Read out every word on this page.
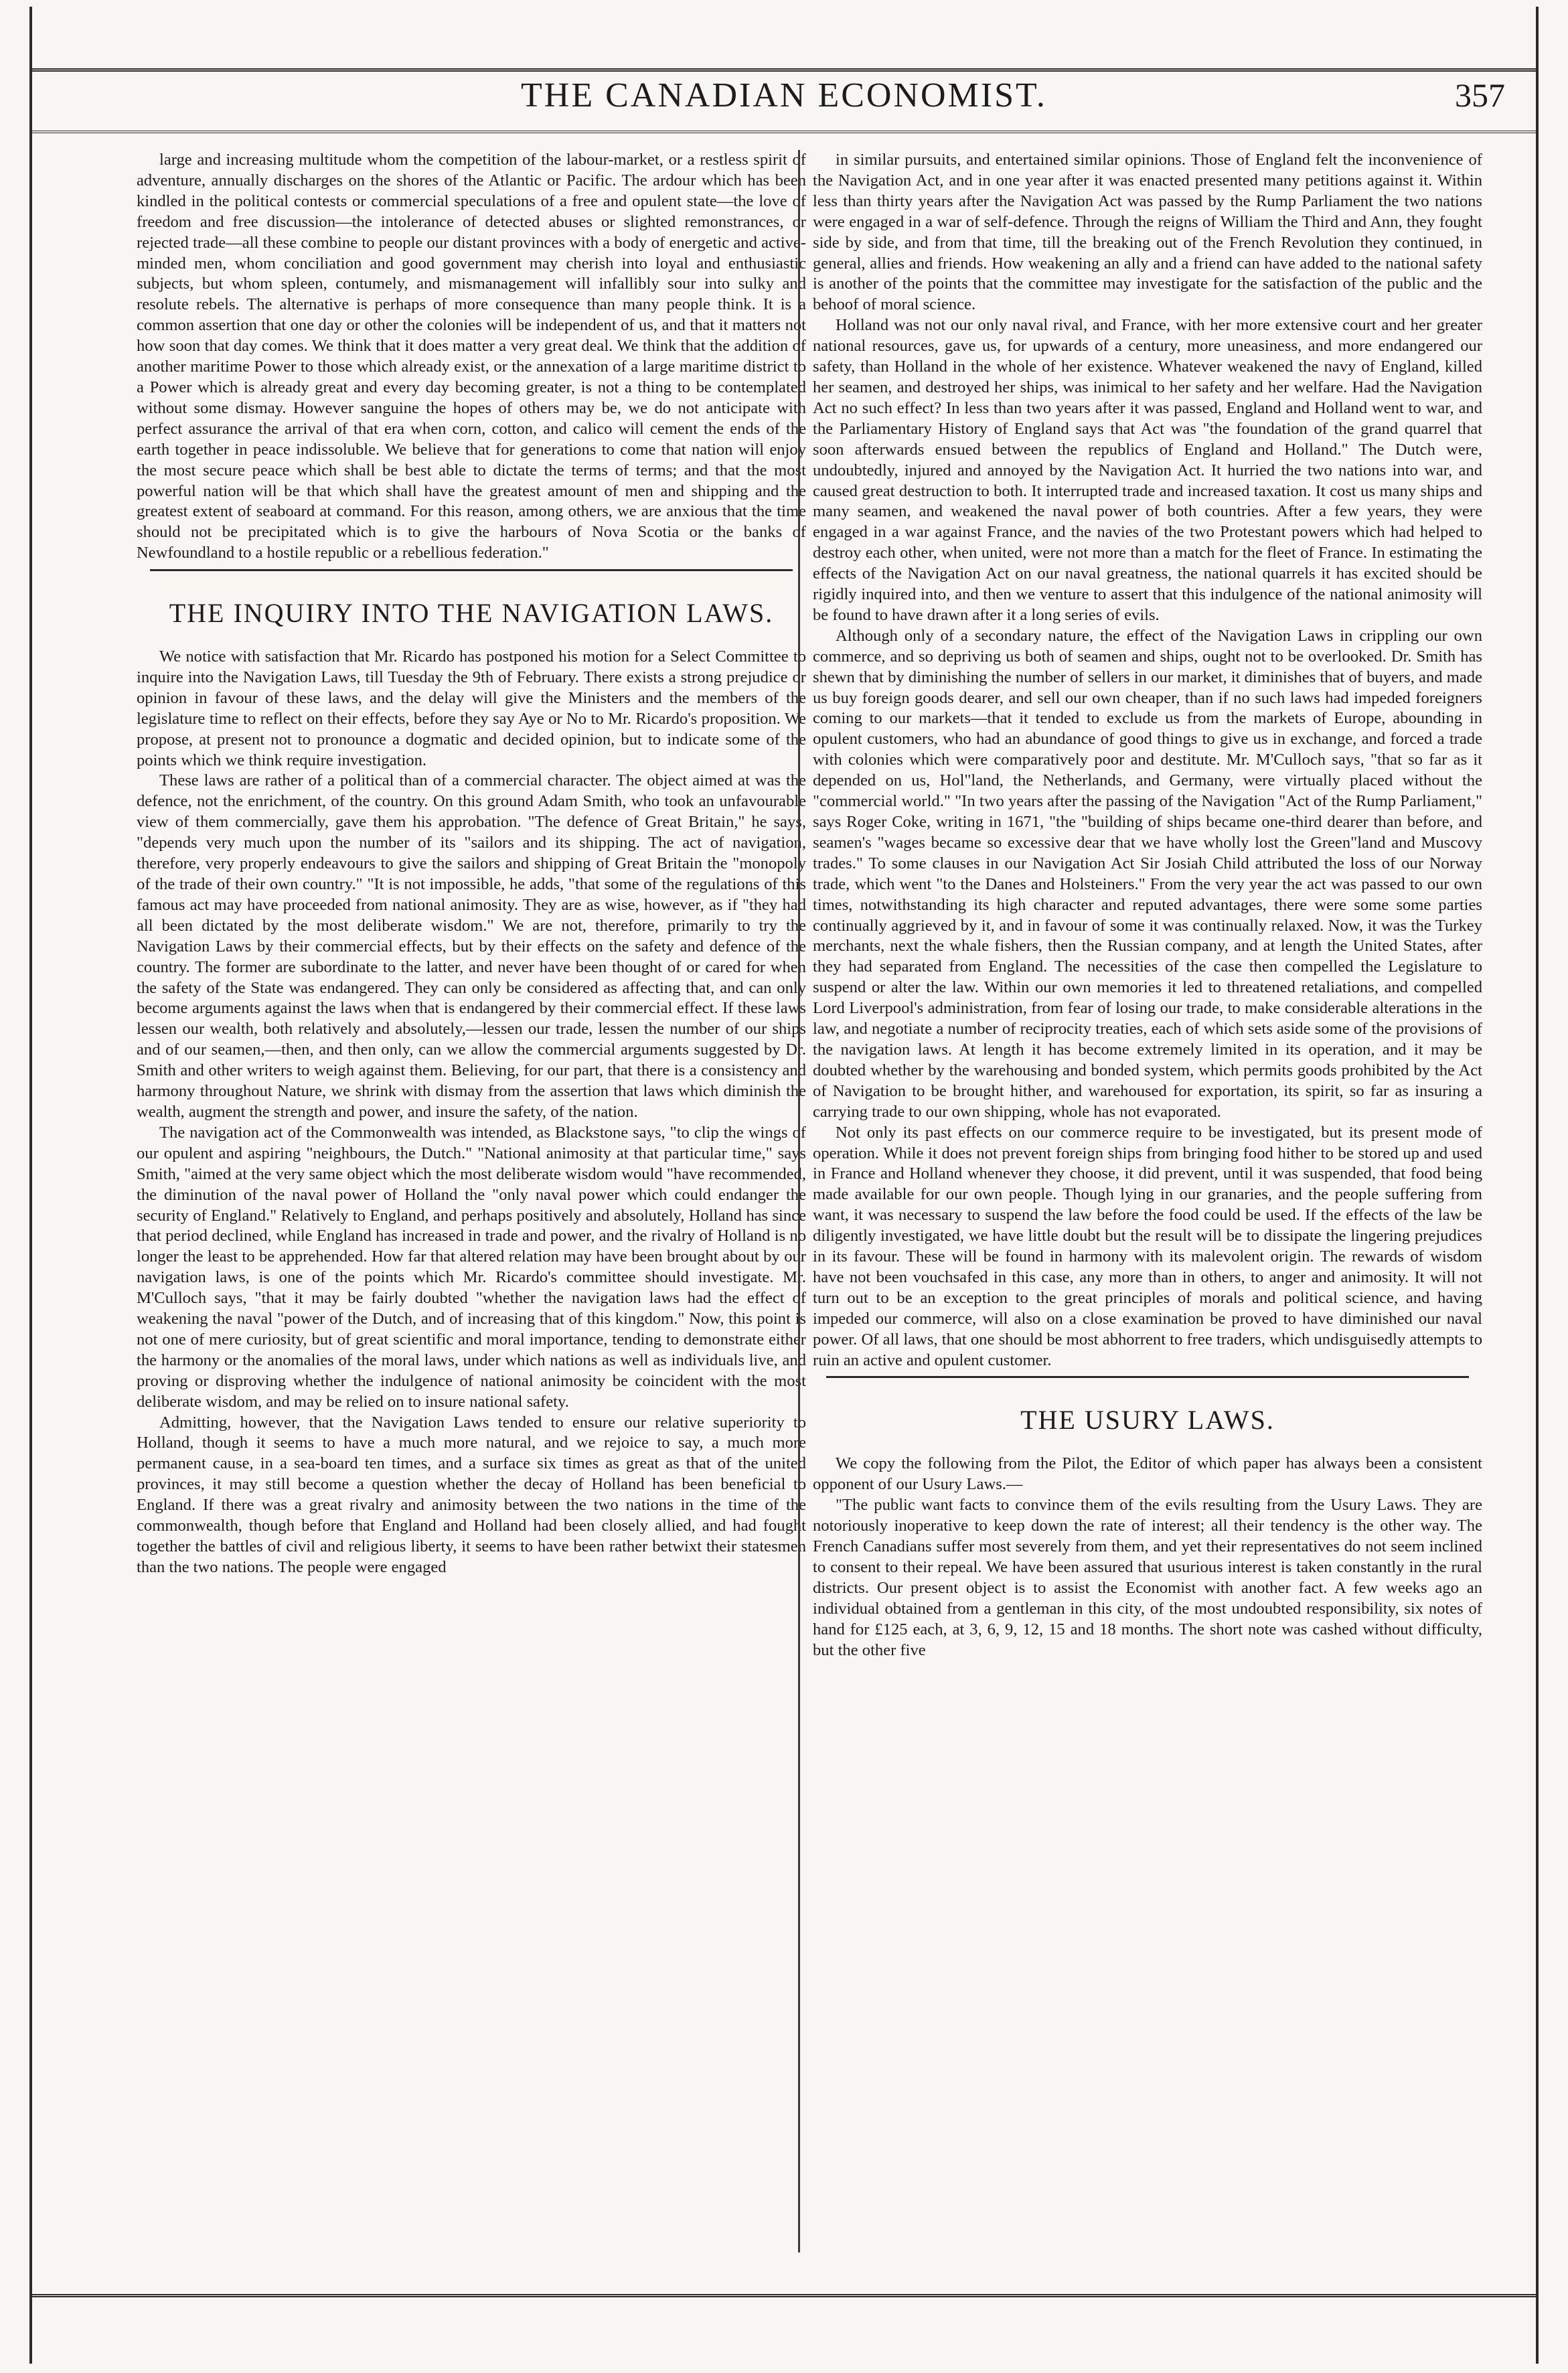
THE CANADIAN ECONOMIST.	357

large and increasing multitude whom the competition of the labour-market, or a restless spirit of adventure, annually discharges on the shores of the Atlantic or Pacific. The ardour which has been kindled in the political contests or commercial speculations of a free and opulent state—the love of freedom and free discussion—the intolerance of detected abuses or slighted remonstrances, or rejected trade—all these combine to people our distant provinces with a body of energetic and active-minded men, whom conciliation and good government may cherish into loyal and enthusiastic subjects, but whom spleen, contumely, and mismanagement will infallibly sour into sulky and resolute rebels. The alternative is perhaps of more consequence than many people think. It is a common assertion that one day or other the colonies will be independent of us, and that it matters not how soon that day comes. We think that it does matter a very great deal. We think that the addition of another maritime Power to those which already exist, or the annexation of a large maritime district to a Power which is already great and every day becoming greater, is not a thing to be contemplated without some dismay. However sanguine the hopes of others may be, we do not anticipate with perfect assurance the arrival of that era when corn, cotton, and calico will cement the ends of the earth together in peace indissoluble. We believe that for generations to come that nation will enjoy the most secure peace which shall be best able to dictate the terms of terms; and that the most powerful nation will be that which shall have the greatest amount of men and shipping and the greatest extent of seaboard at command. For this reason, among others, we are anxious that the time should not be precipitated which is to give the harbours of Nova Scotia or the banks of Newfoundland to a hostile republic or a rebellious federation."

THE INQUIRY INTO THE NAVIGATION LAWS.

We notice with satisfaction that Mr. Ricardo has postponed his motion for a Select Committee to inquire into the Navigation Laws, till Tuesday the 9th of February. There exists a strong prejudice or opinion in favour of these laws, and the delay will give the Ministers and the members of the legislature time to reflect on their effects, before they say Aye or No to Mr. Ricardo's proposition. We propose, at present not to pronounce a dogmatic and decided opinion, but to indicate some of the points which we think require investigation.

These laws are rather of a political than of a commercial character. The object aimed at was the defence, not the enrichment, of the country. On this ground Adam Smith, who took an unfavourable view of them commercially, gave them his approbation. "The defence of Great Britain," he says, "depends very much upon the number of its "sailors and its shipping. The act of navigation, therefore, very properly endeavours to give the sailors and shipping of Great Britain the "monopoly of the trade of their own country." "It is not impossible, he adds, "that some of the regulations of this famous act may have proceeded from national animosity. They are as wise, however, as if "they had all been dictated by the most deliberate wisdom." We are not, therefore, primarily to try the Navigation Laws by their commercial effects, but by their effects on the safety and defence of the country. The former are subordinate to the latter, and never have been thought of or cared for when the safety of the State was endangered. They can only be considered as affecting that, and can only become arguments against the laws when that is endangered by their commercial effect. If these laws lessen our wealth, both relatively and absolutely,—lessen our trade, lessen the number of our ships and of our seamen,—then, and then only, can we allow the commercial arguments suggested by Dr. Smith and other writers to weigh against them. Believing, for our part, that there is a consistency and harmony throughout Nature, we shrink with dismay from the assertion that laws which diminish the wealth, augment the strength and power, and insure the safety, of the nation.

The navigation act of the Commonwealth was intended, as Blackstone says, "to clip the wings of our opulent and aspiring "neighbours, the Dutch." "National animosity at that particular time," says Smith, "aimed at the very same object which the most deliberate wisdom would "have recommended, the diminution of the naval power of Holland the "only naval power which could endanger the security of England." Relatively to England, and perhaps positively and absolutely, Holland has since that period declined, while England has increased in trade and power, and the rivalry of Holland is no longer the least to be apprehended. How far that altered relation may have been brought about by our navigation laws, is one of the points which Mr. Ricardo's committee should investigate. Mr. M'Culloch says, "that it may be fairly doubted "whether the navigation laws had the effect of weakening the naval "power of the Dutch, and of increasing that of this kingdom." Now, this point is not one of mere curiosity, but of great scientific and moral importance, tending to demonstrate either the harmony or the anomalies of the moral laws, under which nations as well as individuals live, and proving or disproving whether the indulgence of national animosity be coincident with the most deliberate wisdom, and may be relied on to insure national safety.

Admitting, however, that the Navigation Laws tended to ensure our relative superiority to Holland, though it seems to have a much more natural, and we rejoice to say, a much more permanent cause, in a sea-board ten times, and a surface six times as great as that of the united provinces, it may still become a question whether the decay of Holland has been beneficial to England. If there was a great rivalry and animosity between the two nations in the time of the commonwealth, though before that England and Holland had been closely allied, and had fought together the battles of civil and religious liberty, it seems to have been rather betwixt their statesmen than the two nations. The people were engaged

in similar pursuits, and entertained similar opinions. Those of England felt the inconvenience of the Navigation Act, and in one year after it was enacted presented many petitions against it. Within less than thirty years after the Navigation Act was passed by the Rump Parliament the two nations were engaged in a war of self-defence. Through the reigns of William the Third and Ann, they fought side by side, and from that time, till the breaking out of the French Revolution they continued, in general, allies and friends. How weakening an ally and a friend can have added to the national safety is another of the points that the committee may investigate for the satisfaction of the public and the behoof of moral science.

Holland was not our only naval rival, and France, with her more extensive court and her greater national resources, gave us, for upwards of a century, more uneasiness, and more endangered our safety, than Holland in the whole of her existence. Whatever weakened the navy of England, killed her seamen, and destroyed her ships, was inimical to her safety and her welfare. Had the Navigation Act no such effect? In less than two years after it was passed, England and Holland went to war, and the Parliamentary History of England says that Act was "the foundation of the grand quarrel that soon afterwards ensued between the republics of England and Holland." The Dutch were, undoubtedly, injured and annoyed by the Navigation Act. It hurried the two nations into war, and caused great destruction to both. It interrupted trade and increased taxation. It cost us many ships and many seamen, and weakened the naval power of both countries. After a few years, they were engaged in a war against France, and the navies of the two Protestant powers which had helped to destroy each other, when united, were not more than a match for the fleet of France. In estimating the effects of the Navigation Act on our naval greatness, the national quarrels it has excited should be rigidly inquired into, and then we venture to assert that this indulgence of the national animosity will be found to have drawn after it a long series of evils.

Although only of a secondary nature, the effect of the Navigation Laws in crippling our own commerce, and so depriving us both of seamen and ships, ought not to be overlooked. Dr. Smith has shewn that by diminishing the number of sellers in our market, it diminishes that of buyers, and made us buy foreign goods dearer, and sell our own cheaper, than if no such laws had impeded foreigners coming to our markets—that it tended to exclude us from the markets of Europe, abounding in opulent customers, who had an abundance of good things to give us in exchange, and forced a trade with colonies which were comparatively poor and destitute. Mr. M'Culloch says, "that so far as it depended on us, Hol"land, the Netherlands, and Germany, were virtually placed without the "commercial world." "In two years after the passing of the Navigation "Act of the Rump Parliament," says Roger Coke, writing in 1671, "the "building of ships became one-third dearer than before, and seamen's "wages became so excessive dear that we have wholly lost the Green"land and Muscovy trades." To some clauses in our Navigation Act Sir Josiah Child attributed the loss of our Norway trade, which went "to the Danes and Holsteiners." From the very year the act was passed to our own times, notwithstanding its high character and reputed advantages, there were some some parties continually aggrieved by it, and in favour of some it was continually relaxed. Now, it was the Turkey merchants, next the whale fishers, then the Russian company, and at length the United States, after they had separated from England. The necessities of the case then compelled the Legislature to suspend or alter the law. Within our own memories it led to threatened retaliations, and compelled Lord Liverpool's administration, from fear of losing our trade, to make considerable alterations in the law, and negotiate a number of reciprocity treaties, each of which sets aside some of the provisions of the navigation laws. At length it has become extremely limited in its operation, and it may be doubted whether by the warehousing and bonded system, which permits goods prohibited by the Act of Navigation to be brought hither, and warehoused for exportation, its spirit, so far as insuring a carrying trade to our own shipping, whole has not evaporated.

Not only its past effects on our commerce require to be investigated, but its present mode of operation. While it does not prevent foreign ships from bringing food hither to be stored up and used in France and Holland whenever they choose, it did prevent, until it was suspended, that food being made available for our own people. Though lying in our granaries, and the people suffering from want, it was necessary to suspend the law before the food could be used. If the effects of the law be diligently investigated, we have little doubt but the result will be to dissipate the lingering prejudices in its favour. These will be found in harmony with its malevolent origin. The rewards of wisdom have not been vouchsafed in this case, any more than in others, to anger and animosity. It will not turn out to be an exception to the great principles of morals and political science, and having impeded our commerce, will also on a close examination be proved to have diminished our naval power. Of all laws, that one should be most abhorrent to free traders, which undisguisedly attempts to ruin an active and opulent customer.

THE USURY LAWS.

We copy the following from the Pilot, the Editor of which paper has always been a consistent opponent of our Usury Laws.—

"The public want facts to convince them of the evils resulting from the Usury Laws. They are notoriously inoperative to keep down the rate of interest; all their tendency is the other way. The French Canadians suffer most severely from them, and yet their representatives do not seem inclined to consent to their repeal. We have been assured that usurious interest is taken constantly in the rural districts. Our present object is to assist the Economist with another fact. A few weeks ago an individual obtained from a gentleman in this city, of the most undoubted responsibility, six notes of hand for £125 each, at 3, 6, 9, 12, 15 and 18 months. The short note was cashed without difficulty, but the other five
